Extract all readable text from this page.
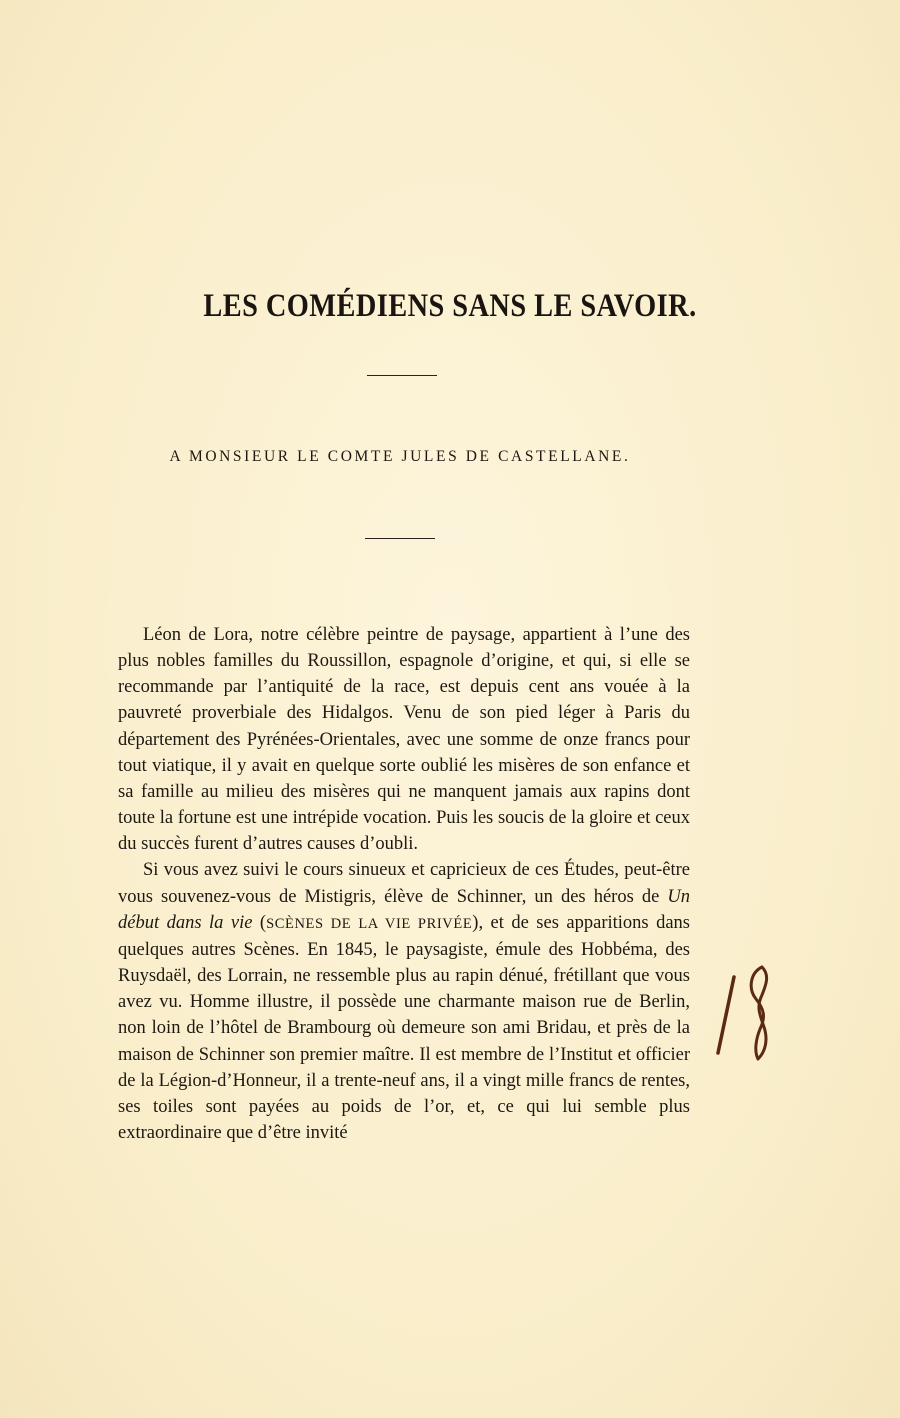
LES COMÉDIENS SANS LE SAVOIR.
A MONSIEUR LE COMTE JULES DE CASTELLANE.

Léon de Lora, notre célèbre peintre de paysage, appartient à l’une des plus nobles familles du Roussillon, espagnole d’origine, et qui, si elle se recommande par l’antiquité de la race, est depuis cent ans vouée à la pauvreté proverbiale des Hidalgos. Venu de son pied léger à Paris du département des Pyrénées-Orientales, avec une somme de onze francs pour tout viatique, il y avait en quelque sorte oublié les misères de son enfance et sa famille au milieu des misères qui ne manquent jamais aux rapins dont toute la fortune est une intrépide vocation. Puis les soucis de la gloire et ceux du succès furent d’autres causes d’oubli.

Si vous avez suivi le cours sinueux et capricieux de ces Études, peut-être vous souvenez-vous de Mistigris, élève de Schinner, un des héros de Un début dans la vie (SCÈNES DE LA VIE PRIVÉE), et de ses apparitions dans quelques autres Scènes. En 1845, le paysagiste, émule des Hobbéma, des Ruysdaël, des Lorrain, ne ressemble plus au rapin dénué, frétillant que vous avez vu. Homme illustre, il possède une charmante maison rue de Berlin, non loin de l’hôtel de Brambourg où demeure son ami Bridau, et près de la maison de Schinner son premier maître. Il est membre de l’Institut et officier de la Légion-d’Honneur, il a trente-neuf ans, il a vingt mille francs de rentes, ses toiles sont payées au poids de l’or, et, ce qui lui semble plus extraordinaire que d’être invité
